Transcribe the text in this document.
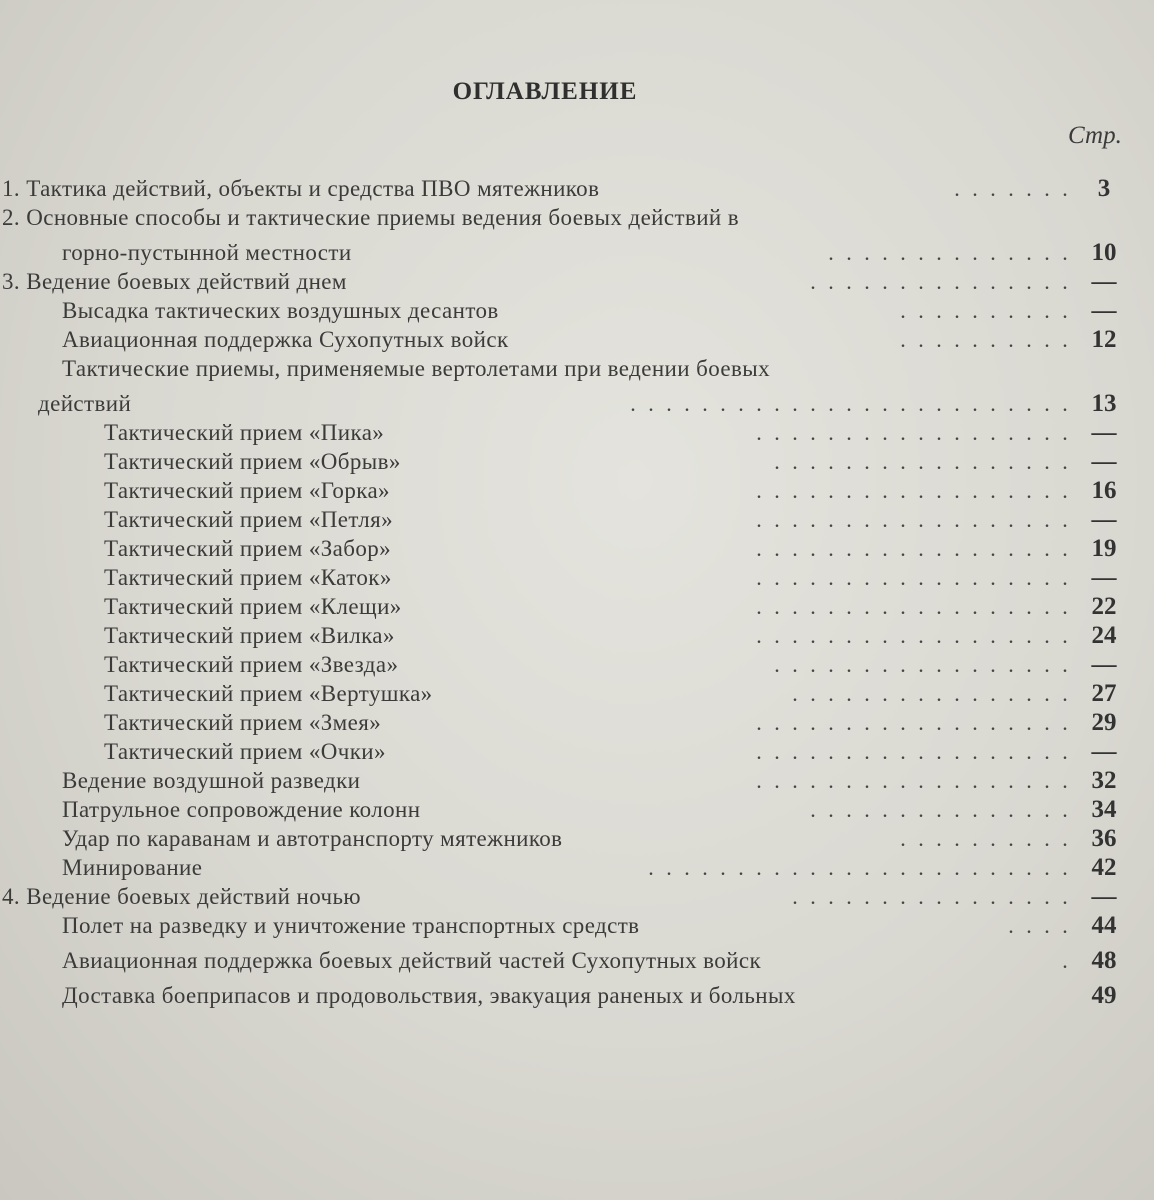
ОГЛАВЛЕНИЕ
Стр.
1. Тактика действий, объекты и средства ПВО мятежников	. . . . . . .	3
2. Основные способы и тактические приемы ведения боевых действий в
горно-пустынной местности	. . . . . . . . . . . . . . 10
3. Ведение боевых действий днем	. . . . . . . . . . . . . . . —
Высадка тактических воздушных десантов	. . . . . . . . . . —
Авиационная поддержка Сухопутных войск	. . . . . . . . . . 12
Тактические приемы, применяемые вертолетами при ведении боевых
действий	. . . . . . . . . . . . . . . . . . . . . . . . . 13
Тактический прием «Пика»	. . . . . . . . . . . . . . . . . . —
Тактический прием «Обрыв»	. . . . . . . . . . . . . . . . . —
Тактический прием «Горка»	. . . . . . . . . . . . . . . . . . 16
Тактический прием «Петля»	. . . . . . . . . . . . . . . . . . —
Тактический прием «Забор»	. . . . . . . . . . . . . . . . . . 19
Тактический прием «Каток»	. . . . . . . . . . . . . . . . . . —
Тактический прием «Клещи»	. . . . . . . . . . . . . . . . . . 22
Тактический прием «Вилка»	. . . . . . . . . . . . . . . . . . 24
Тактический прием «Звезда»	. . . . . . . . . . . . . . . . . —
Тактический прием «Вертушка»	. . . . . . . . . . . . . . . . 27
Тактический прием «Змея»	. . . . . . . . . . . . . . . . . . 29
Тактический прием «Очки»	. . . . . . . . . . . . . . . . . . —
Ведение воздушной разведки	. . . . . . . . . . . . . . . . . . 32
Патрульное сопровождение колонн	. . . . . . . . . . . . . . . 34
Удар по караванам и автотранспорту мятежников	. . . . . . . . . . 36
Минирование	. . . . . . . . . . . . . . . . . . . . . . . . 42
4. Ведение боевых действий ночью	. . . . . . . . . . . . . . . . —
Полет на разведку и уничтожение транспортных средств	. . . . 44
Авиационная поддержка боевых действий частей Сухопутных войск	. 48
Доставка боеприпасов и продовольствия, эвакуация раненых и больных	49
